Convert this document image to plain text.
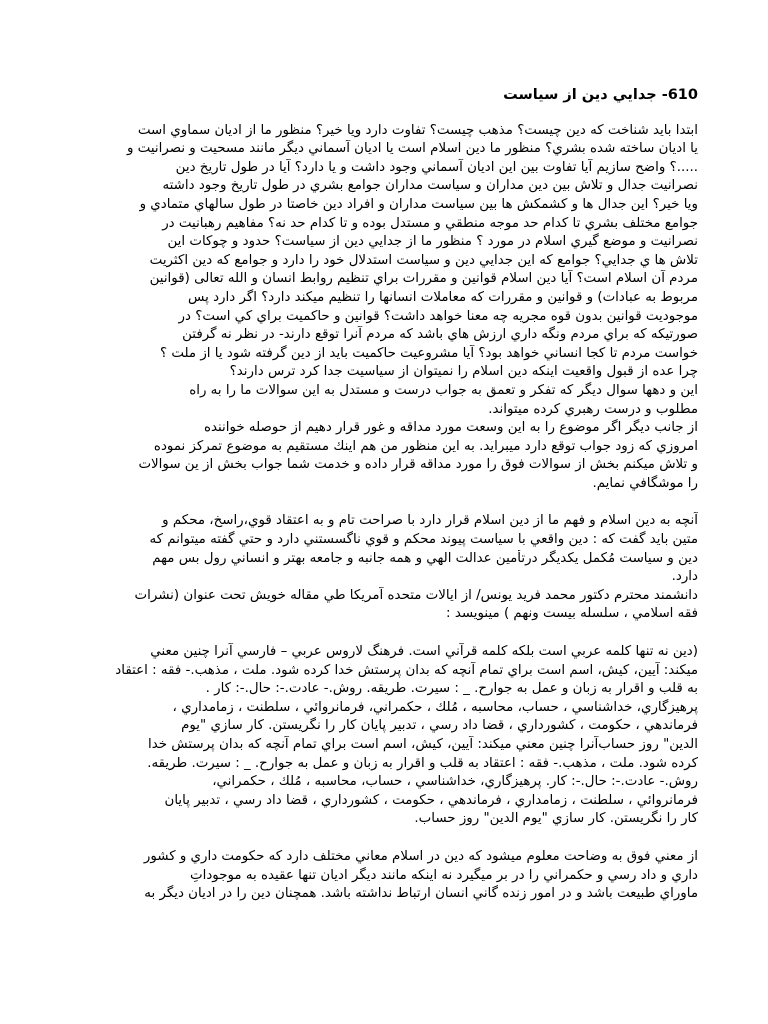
610- جدايي دين از سياست
ابتدا بايد شناخت كه دين چيست؟ مذهب چيست؟ تفاوت دارد ويا خير؟ منظور ما از اديان سماوي است
يا اديان ساخته شده بشري؟ منظور ما دين اسلام است يا اديان آسماني ديگر مانند مسحيت و نصرانيت و
.....؟ واضح سازيم آيا تفاوت بين اين اديان آسماني وجود داشت و يا دارد؟ آيا در طول تاريخ دين
نصرانيت جدال و تلاش بين دين مداران و سياست مداران جوامع بشري در طول تاريخ وجود داشته
ويا خير؟ اين جدال ها و كشمكش ها بين سياست مداران و افراد دين خاصتا در طول سالهاي متمادي و
جوامع مختلف بشري تا كدام حد موجه منطقي و مستدل بوده و تا كدام حد نه؟ مفاهيم رهبانيت در
نصرانيت و موضع گيري اسلام در مورد ؟ منظور ما از جدايي دين از سياست؟ حدود و چوكات اين
تلاش ها ي جدايي؟ جوامع كه اين جدايي دين و سياست استدلال خود را دارد و جوامع كه دين اكثريت
مردم آن اسلام است؟ آيا دين اسلام قوانين و مقررات براي تنظيم روابط انسان و الله تعالى (قوانين
مربوط به عبادات) و قوانين و مقررات كه معاملات انسانها را تنظيم ميكند دارد؟ اگر دارد پس
موجوديت قوانين بدون قوه مجريه چه معنا خواهد داشت؟ قوانين و حاكميت براي كي است؟ در
صورتيكه كه براي مردم ونگه داري ارزش هاي باشد كه مردم آنرا توقع دارند- در نظر نه گرفتن
خواست مردم تا كجا انساني خواهد بود؟ آيا مشروعيت حاكميت بايد از دين گرفته شود يا از ملت ؟
چرا عده از قبول واقعيت اينكه دين اسلام را نميتوان از سياسيت جدا كرد ترس دارند؟
اين و دهها سوال ديگر كه تفكر و تعمق به جواب درست و مستدل به اين سوالات ما را به راه
مطلوب و درست رهبري كرده ميتواند.
از جانب ديگر اگر موضوع را به اين وسعت مورد مداقه و غور قرار دهيم از حوصله خواننده
امروزي كه زود جواب توقع دارد ميبرايد. به اين منظور من هم اينك مستقيم به موضوع تمركز نموده
و تلاش ميكنم بخش از سوالات فوق را مورد مداقه قرار داده و خدمت شما جواب بخش از ين سوالات
را موشگافي نمايم.
آنچه به دين اسلام و فهم ما از دين اسلام قرار دارد با صراحت تام و به اعتقاد قوي،راسخ، محكم و
متين بايد گفت كه : دين واقعي با سياست پيوند محكم و قوي ناگسستني دارد و حتي گفته ميتوانم كه
دين و سياست مُكمل يكديگر درتأمين عدالت الهي و همه جانبه و جامعه بهتر و انساني رول بس مهم
دارد.
دانشمند محترم دكتور محمد فريد يونس/ از ايالات متحده آمريكا طي مقاله خويش تحت عنوان (نشرات
فقه اسلامي ، سلسله بيست ونهم ) مينويسد :
(دين نه تنها كلمه عربي است بلكه كلمه قرآني است. فرهنگ لاروس عربي – فارسي آنرا چنين معني
ميكند: آيين، كيش، اسم است براي تمام آنچه كه بدان پرستش خدا كرده شود. ملت ، مذهب.- فقه : اعتقاد
به قلب و اقرار به زبان و عمل به جوارح. _ : سيرت. طريقه. روش.- عادت.-: حال.-: كار .
پرهيزگاري، خداشناسي ، حساب، محاسبه ، مُلك ، حكمراني، فرمانروائي ، سلطنت ، زمامداري ،
فرماندهي ، حكومت ، كشورداري ، قضا داد رسي ، تدبير پايان كار را نگريستن. كار سازي "يوم
الدين" روز حساب‌آنرا چنين معني ميكند: آيين، كيش، اسم است براي تمام آنچه كه بدان پرستش خدا
كرده شود. ملت ، مذهب.- فقه : اعتقاد به قلب و اقرار به زبان و عمل به جوارح. _ : سيرت. طريقه.
روش.- عادت.-: حال.-: كار. پرهيزگاري، خداشناسي ، حساب، محاسبه ، مُلك ، حكمراني،
فرمانروائي ، سلطنت ، زمامداري ، فرماندهي ، حكومت ، كشورداري ، قضا داد رسي ، تدبير پايان
كار را نگريستن. كار سازي "يوم الدين" روز حساب.
از معني فوق به وضاحت معلوم ميشود كه دين در اسلام معاني مختلف دارد كه حكومت داري و كشور
داري و داد رسي و حكمراني را در بر ميگيرد نه اينكه مانند ديگر اديان تنها عقيده به موجوداتِ
ماوراي طبيعت باشد و در امور زنده گاني انسان ارتباط نداشته باشد. همچنان دين را در اديان ديگر به
